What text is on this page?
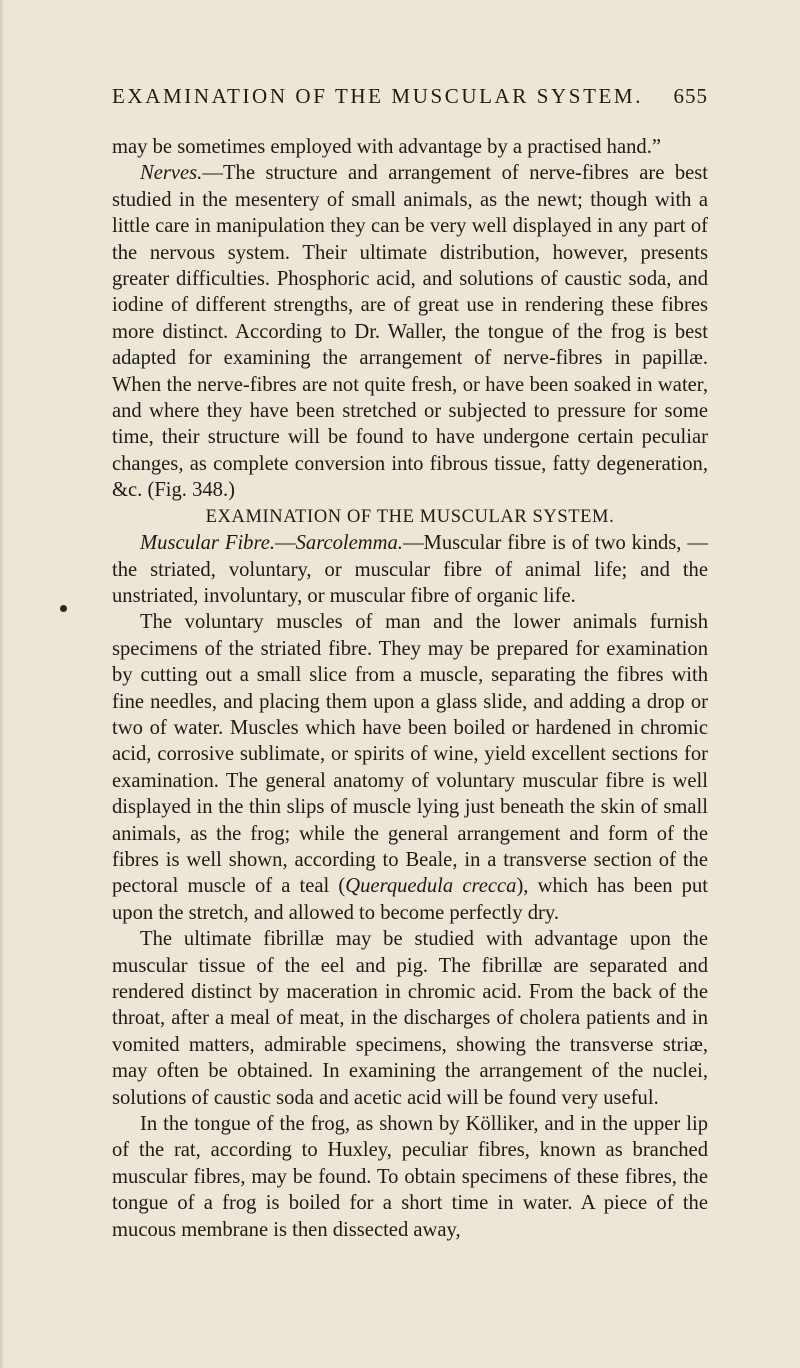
EXAMINATION OF THE MUSCULAR SYSTEM. 655

may be sometimes employed with advantage by a practised hand.”

Nerves.—The structure and arrangement of nerve-fibres are best studied in the mesentery of small animals, as the newt; though with a little care in manipulation they can be very well displayed in any part of the nervous system. Their ultimate distribution, however, presents greater difficulties. Phosphoric acid, and solutions of caustic soda, and iodine of different strengths, are of great use in rendering these fibres more distinct. According to Dr. Waller, the tongue of the frog is best adapted for examining the arrangement of nerve-fibres in papillæ. When the nerve-fibres are not quite fresh, or have been soaked in water, and where they have been stretched or subjected to pressure for some time, their structure will be found to have undergone certain peculiar changes, as complete conversion into fibrous tissue, fatty degeneration, &c. (Fig. 348.)

EXAMINATION OF THE MUSCULAR SYSTEM.

Muscular Fibre.—Sarcolemma.—Muscular fibre is of two kinds, —the striated, voluntary, or muscular fibre of animal life; and the unstriated, involuntary, or muscular fibre of organic life.

The voluntary muscles of man and the lower animals furnish specimens of the striated fibre. They may be prepared for examination by cutting out a small slice from a muscle, separating the fibres with fine needles, and placing them upon a glass slide, and adding a drop or two of water. Muscles which have been boiled or hardened in chromic acid, corrosive sublimate, or spirits of wine, yield excellent sections for examination. The general anatomy of voluntary muscular fibre is well displayed in the thin slips of muscle lying just beneath the skin of small animals, as the frog; while the general arrangement and form of the fibres is well shown, according to Beale, in a transverse section of the pectoral muscle of a teal (Querquedula crecca), which has been put upon the stretch, and allowed to become perfectly dry.

The ultimate fibrillæ may be studied with advantage upon the muscular tissue of the eel and pig. The fibrillæ are separated and rendered distinct by maceration in chromic acid. From the back of the throat, after a meal of meat, in the discharges of cholera patients and in vomited matters, admirable specimens, showing the transverse striæ, may often be obtained. In examining the arrangement of the nuclei, solutions of caustic soda and acetic acid will be found very useful.

In the tongue of the frog, as shown by Kölliker, and in the upper lip of the rat, according to Huxley, peculiar fibres, known as branched muscular fibres, may be found. To obtain specimens of these fibres, the tongue of a frog is boiled for a short time in water. A piece of the mucous membrane is then dissected away,
